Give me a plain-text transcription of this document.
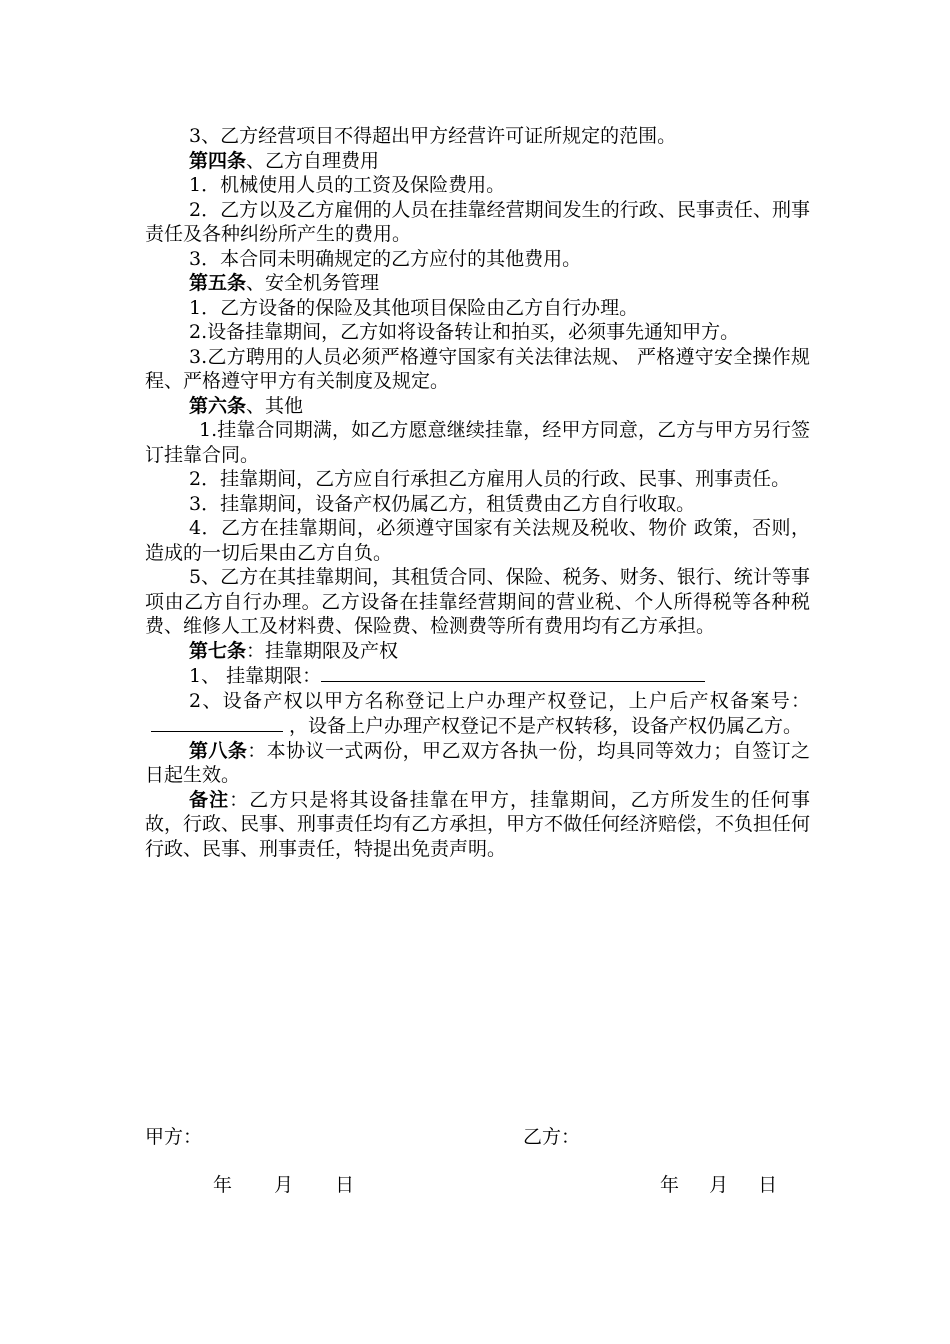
3、乙方经营项目不得超出甲方经营许可证所规定的范围。

第四条、乙方自理费用

1．机械使用人员的工资及保险费用。

2．乙方以及乙方雇佣的人员在挂靠经营期间发生的行政、民事责任、刑事责任及各种纠纷所产生的费用。

3．本合同未明确规定的乙方应付的其他费用。

第五条、安全机务管理

1．乙方设备的保险及其他项目保险由乙方自行办理。

2.设备挂靠期间，乙方如将设备转让和拍买，必须事先通知甲方。

3.乙方聘用的人员必须严格遵守国家有关法律法规、 严格遵守安全操作规程、严格遵守甲方有关制度及规定。

第六条、其他

1.挂靠合同期满，如乙方愿意继续挂靠，经甲方同意，乙方与甲方另行签订挂靠合同。

2．挂靠期间，乙方应自行承担乙方雇用人员的行政、民事、刑事责任。

3．挂靠期间，设备产权仍属乙方，租赁费由乙方自行收取。

4．乙方在挂靠期间，必须遵守国家有关法规及税收、物价 政策，否则，造成的一切后果由乙方自负。

5、乙方在其挂靠期间，其租赁合同、保险、税务、财务、银行、统计等事项由乙方自行办理。乙方设备在挂靠经营期间的营业税、个人所得税等各种税费、维修人工及材料费、保险费、检测费等所有费用均有乙方承担。

第七条：挂靠期限及产权

1、 挂靠期限：

2、设备产权以甲方名称登记上户办理产权登记，上户后产权备案号：，设备上户办理产权登记不是产权转移，设备产权仍属乙方。

第八条：本协议一式两份，甲乙双方各执一份，均具同等效力；自签订之日起生效。

备注：乙方只是将其设备挂靠在甲方，挂靠期间，乙方所发生的任何事故，行政、民事、刑事责任均有乙方承担，甲方不做任何经济赔偿，不负担任何行政、民事、刑事责任，特提出免责声明。

甲方：	乙方：
年 月 日	年 月 日
